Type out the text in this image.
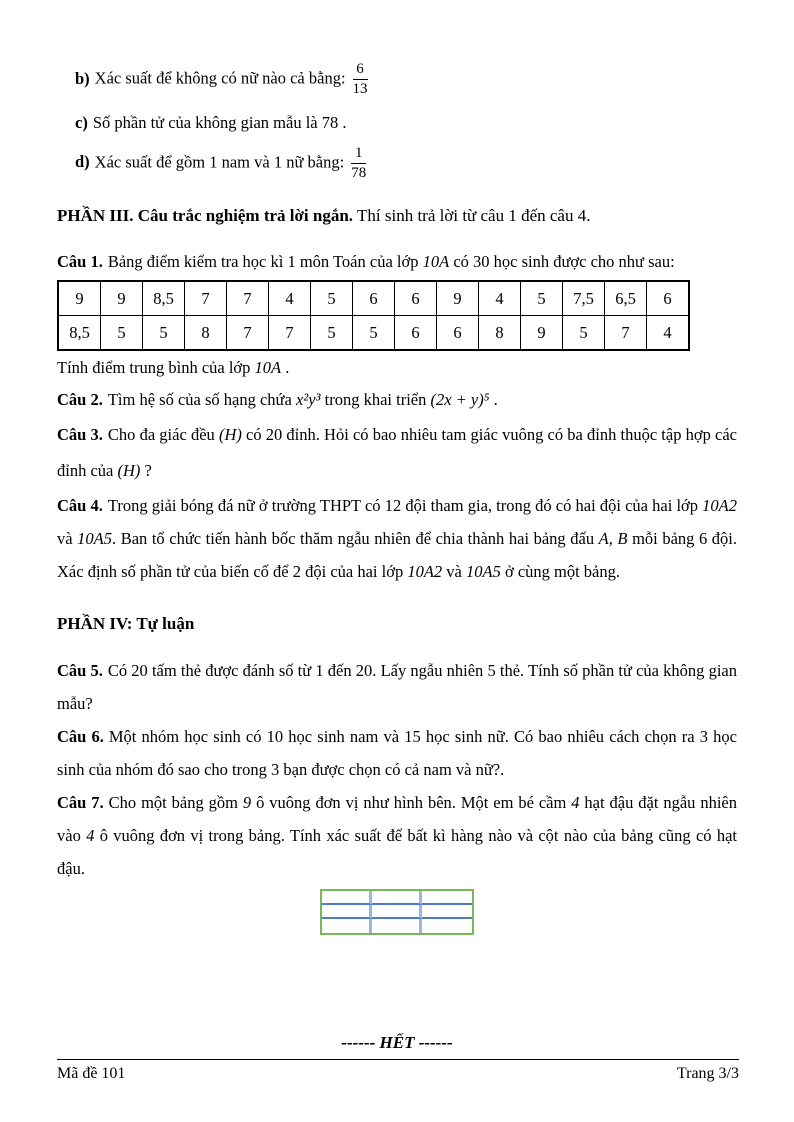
b) Xác suất để không có nữ nào cả bằng: $\frac{6}{13}$
c) Số phần tử của không gian mẫu là 78 .
d) Xác suất để gồm 1 nam và 1 nữ bằng: $\frac{1}{78}$

PHẦN III. Câu trắc nghiệm trả lời ngắn. Thí sinh trả lời từ câu 1 đến câu 4.

Câu 1. Bảng điểm kiểm tra học kì 1 môn Toán của lớp 10A có 30 học sinh được cho như sau:

9	9	8,5	7	7	4	5	6	6	9	4	5	7,5	6,5	6
8,5	5	5	8	7	7	5	5	6	6	8	9	5	7	4

Tính điểm trung bình của lớp 10A .

Câu 2. Tìm hệ số của số hạng chứa x²y³ trong khai triển (2x + y)⁵ .

Câu 3. Cho đa giác đều (H) có 20 đỉnh. Hỏi có bao nhiêu tam giác vuông có ba đỉnh thuộc tập hợp các đỉnh của (H) ?

Câu 4. Trong giải bóng đá nữ ở trường THPT có 12 đội tham gia, trong đó có hai đội của hai lớp 10A2 và 10A5. Ban tổ chức tiến hành bốc thăm ngẫu nhiên để chia thành hai bảng đấu A, B mỗi bảng 6 đội. Xác định số phần tử của biến cố để 2 đội của hai lớp 10A2 và 10A5 ở cùng một bảng.

PHẦN IV: Tự luận

Câu 5. Có 20 tấm thẻ được đánh số từ 1 đến 20. Lấy ngẫu nhiên 5 thẻ. Tính số phần tử của không gian mẫu?

Câu 6. Một nhóm học sinh có 10 học sinh nam và 15 học sinh nữ. Có bao nhiêu cách chọn ra 3 học sinh của nhóm đó sao cho trong 3 bạn được chọn có cả nam và nữ?.

Câu 7. Cho một bảng gồm 9 ô vuông đơn vị như hình bên. Một em bé cầm 4 hạt đậu đặt ngẫu nhiên vào 4 ô vuông đơn vị trong bảng. Tính xác suất để bất kì hàng nào và cột nào của bảng cũng có hạt đậu.

------ HẾT ------

Mã đề 101	Trang 3/3
